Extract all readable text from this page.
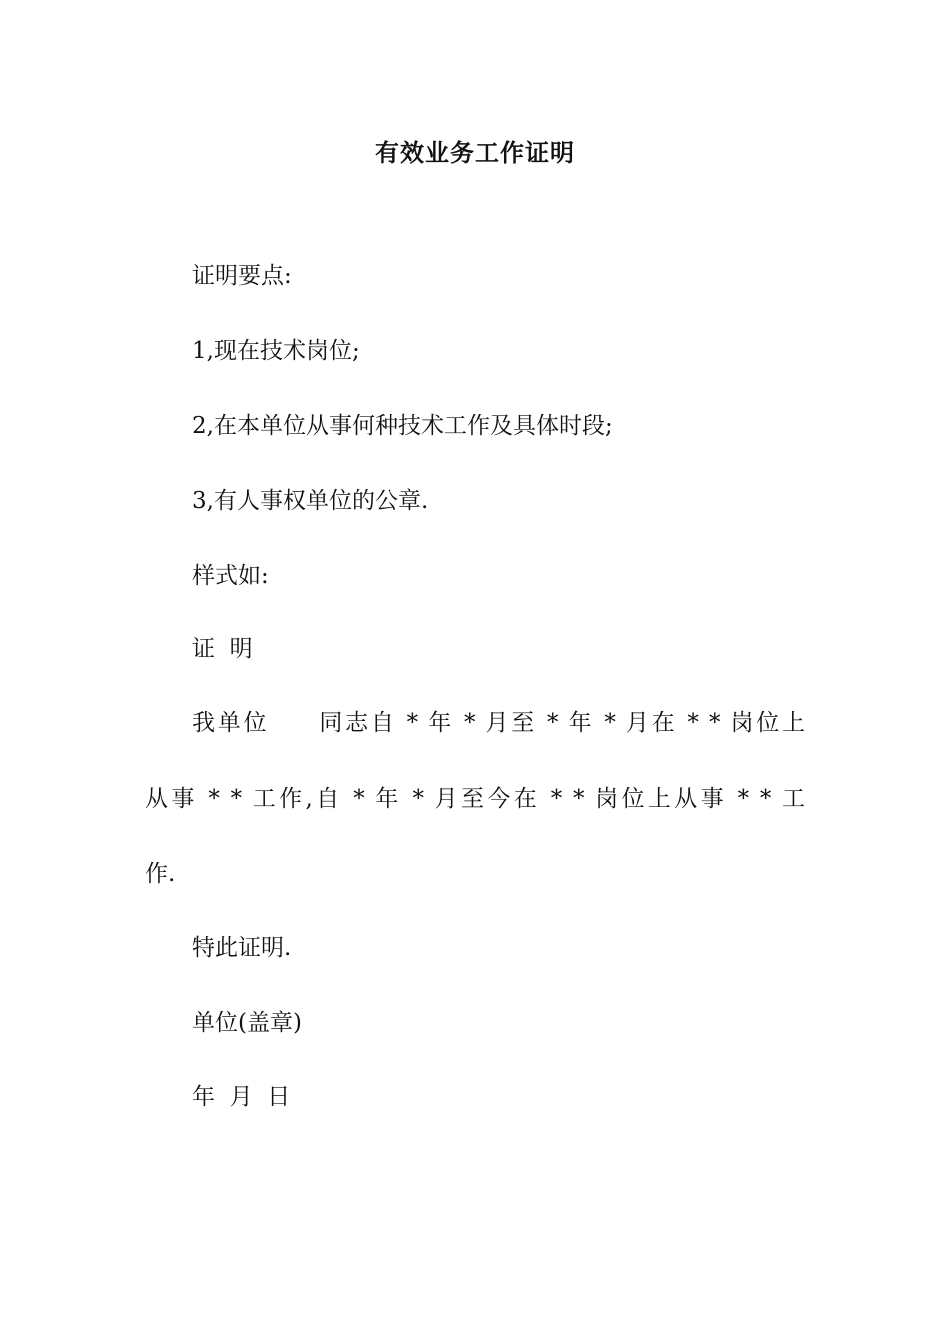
有效业务工作证明
证明要点:
1,现在技术岗位;
2,在本单位从事何种技术工作及具体时段;
3,有人事权单位的公章.
样式如:
证  明
我单位     同志自 * 年 * 月至 * 年 * 月在 * * 岗位上
从事 * * 工作,自 * 年 * 月至今在 * * 岗位上从事 * * 工
作.
特此证明.
单位(盖章)
年  月  日
